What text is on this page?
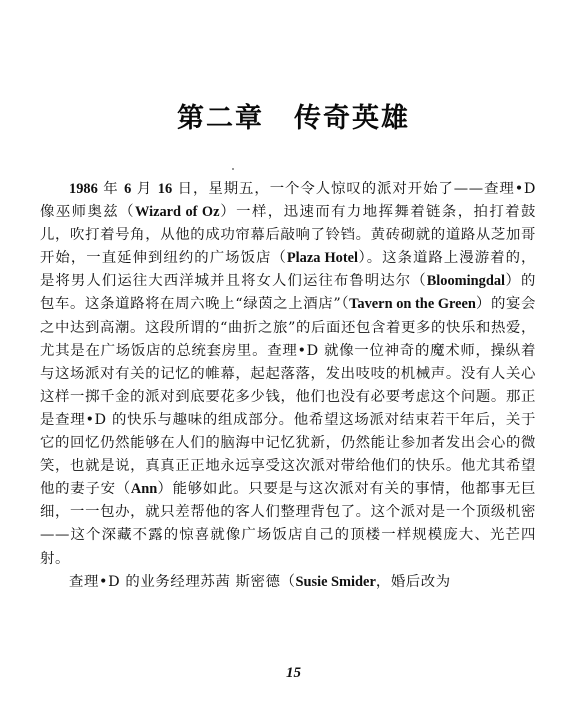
第二章 传奇英雄

1986 年 6 月 16 日，星期五，一个令人惊叹的派对开始了——查理•D 像巫师奥兹（Wizard of Oz）一样，迅速而有力地挥舞着链条，拍打着鼓儿，吹打着号角，从他的成功帘幕后敲响了铃铛。黄砖砌就的道路从芝加哥开始，一直延伸到纽约的广场饭店（Plaza Hotel）。这条道路上漫游着的，是将男人们运往大西洋城并且将女人们运往布鲁明达尔（Bloomingdal）的包车。这条道路将在周六晚上“绿茵之上酒店”（Tavern on the Green）的宴会之中达到高潮。这段所谓的“曲折之旅”的后面还包含着更多的快乐和热爱，尤其是在广场饭店的总统套房里。查理•D 就像一位神奇的魔术师，操纵着与这场派对有关的记忆的帷幕，起起落落，发出吱吱的机械声。没有人关心这样一掷千金的派对到底要花多少钱，他们也没有必要考虑这个问题。那正是查理•D 的快乐与趣味的组成部分。他希望这场派对结束若干年后，关于它的回忆仍然能够在人们的脑海中记忆犹新，仍然能让参加者发出会心的微笑，也就是说，真真正正地永远享受这次派对带给他们的快乐。他尤其希望他的妻子安（Ann）能够如此。只要是与这次派对有关的事情，他都事无巨细，一一包办，就只差帮他的客人们整理背包了。这个派对是一个顶级机密——这个深藏不露的惊喜就像广场饭店自己的顶楼一样规模庞大、光芒四射。

查理•D 的业务经理苏茜 斯密德（Susie Smider，婚后改为

15
